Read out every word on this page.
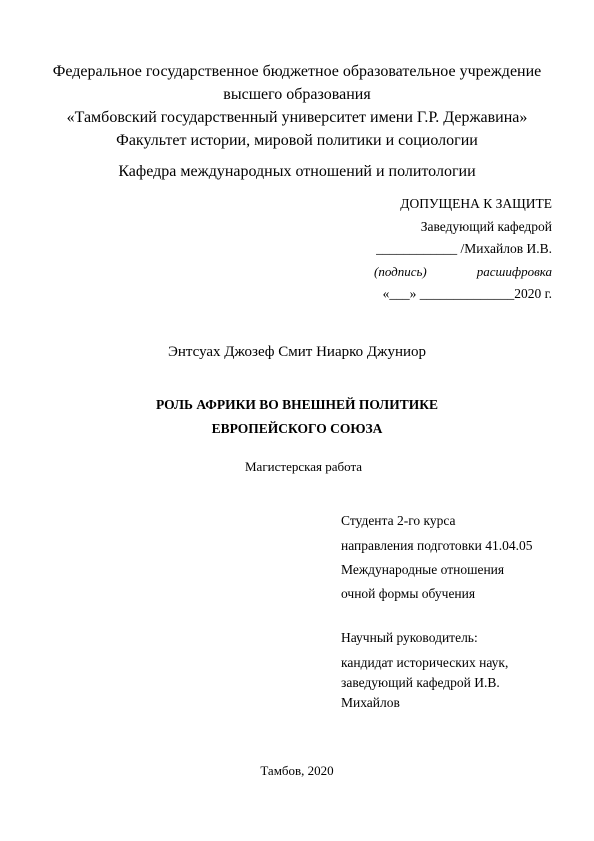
Федеральное государственное бюджетное образовательное учреждение
высшего образования
«Тамбовский государственный университет имени Г.Р. Державина»
Факультет истории, мировой политики и социологии
Кафедра международных отношений и политологии
ДОПУЩЕНА К ЗАЩИТЕ
Заведующий кафедрой
____________ /Михайлов И.В.
(подпись)	расшифровка
«___» ______________2020 г.
Энтсуах Джозеф Смит Ниарко Джуниор
РОЛЬ АФРИКИ ВО ВНЕШНЕЙ ПОЛИТИКЕ
ЕВРОПЕЙСКОГО СОЮЗА
Магистерская работа
Студента 2-го курса
направления подготовки 41.04.05
Международные отношения
очной формы обучения
Научный руководитель:
кандидат исторических наук,
заведующий кафедрой И.В.
Михайлов
Тамбов, 2020
